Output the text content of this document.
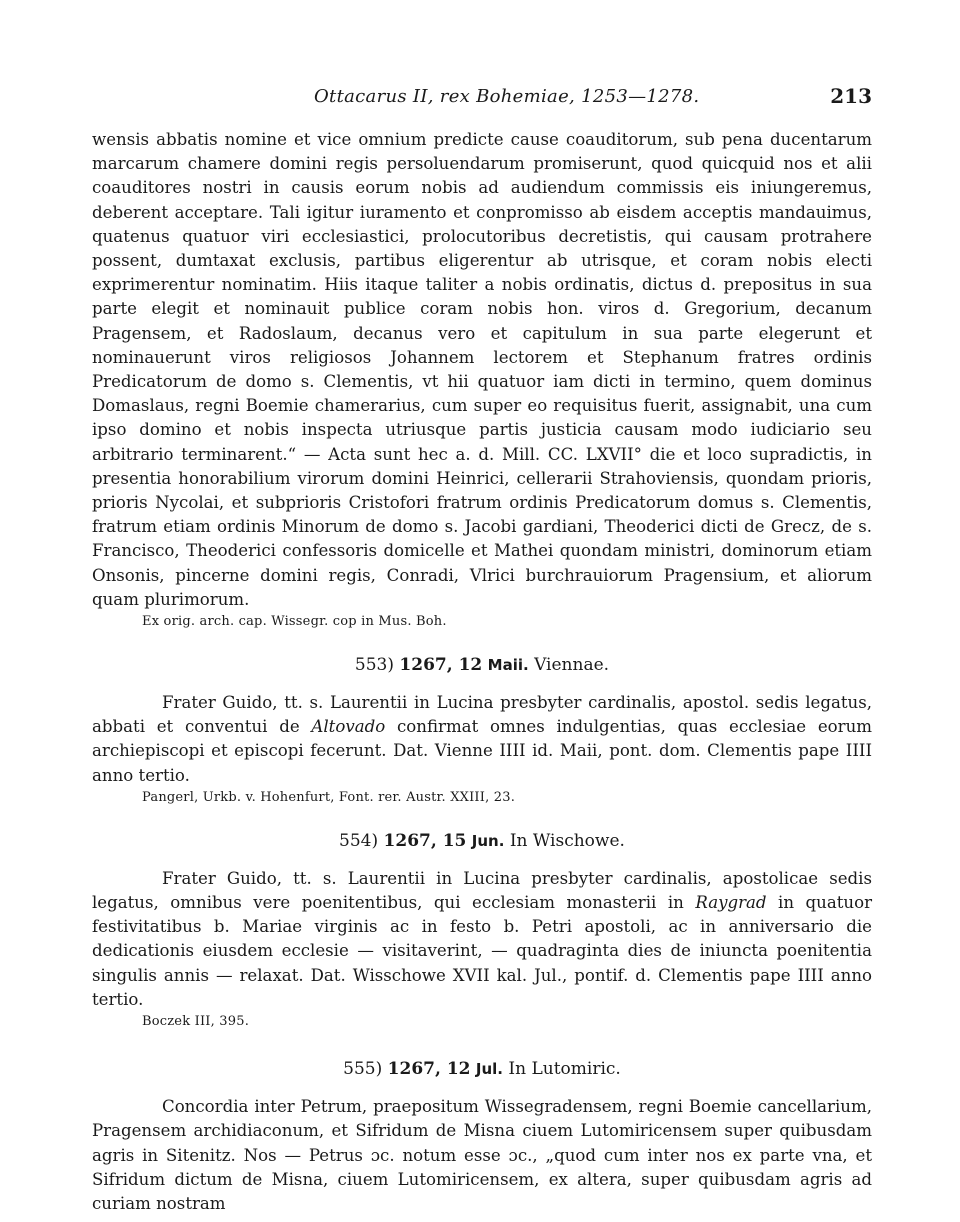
Ottacarus II, rex Bohemiae, 1253—1278.	213

wensis abbatis nomine et vice omnium predicte cause coauditorum, sub pena ducentarum marcarum chamere domini regis persoluendarum promiserunt, quod quicquid nos et alii coauditores nostri in causis eorum nobis ad audiendum commissis eis iniungeremus, deberent acceptare. Tali igitur iuramento et conpromisso ab eisdem acceptis mandauimus, quatenus quatuor viri ecclesiastici, prolocutoribus decretistis, qui causam protrahere possent, dumtaxat exclusis, partibus eligerentur ab utrisque, et coram nobis electi exprimerentur nominatim. Hiis itaque taliter a nobis ordinatis, dictus d. prepositus in sua parte elegit et nominauit publice coram nobis hon. viros d. Gregorium, decanum Pragensem, et Radoslaum, decanus vero et capitulum in sua parte elegerunt et nominauerunt viros religiosos Johannem lectorem et Stephanum fratres ordinis Predicatorum de domo s. Clementis, vt hii quatuor iam dicti in termino, quem dominus Domaslaus, regni Boemie chamerarius, cum super eo requisitus fuerit, assignabit, una cum ipso domino et nobis inspecta utriusque partis justicia causam modo iudiciario seu arbitrario terminarent.“ — Acta sunt hec a. d. Mill. CC. LXVII° die et loco supradictis, in presentia honorabilium virorum domini Heinrici, cellerarii Strahoviensis, quondam prioris, prioris Nycolai, et subprioris Cristofori fratrum ordinis Predicatorum domus s. Clementis, fratrum etiam ordinis Minorum de domo s. Jacobi gardiani, Theoderici dicti de Grecz, de s. Francisco, Theoderici confessoris domicelle et Mathei quondam ministri, dominorum etiam Onsonis, pincerne domini regis, Conradi, Vlrici burchrauiorum Pragensium, et aliorum quam plurimorum.

Ex orig. arch. cap. Wissegr. cop in Mus. Boh.
553) 1267, 12 Maii. Viennae.

Frater Guido, tt. s. Laurentii in Lucina presbyter cardinalis, apostol. sedis legatus, abbati et conventui de Altovado confirmat omnes indulgentias, quas ecclesiae eorum archiepiscopi et episcopi fecerunt. Dat. Vienne IIII id. Maii, pont. dom. Clementis pape IIII anno tertio.

Pangerl, Urkb. v. Hohenfurt, Font. rer. Austr. XXIII, 23.
554) 1267, 15 Jun. In Wischowe.

Frater Guido, tt. s. Laurentii in Lucina presbyter cardinalis, apostolicae sedis legatus, omnibus vere poenitentibus, qui ecclesiam monasterii in Raygrad in quatuor festivitatibus b. Mariae virginis ac in festo b. Petri apostoli, ac in anniversario die dedicationis eiusdem ecclesie — visitaverint, — quadraginta dies de iniuncta poenitentia singulis annis — relaxat. Dat. Wisschowe XVII kal. Jul., pontif. d. Clementis pape IIII anno tertio.

Boczek III, 395.
555) 1267, 12 Jul. In Lutomiric.

Concordia inter Petrum, praepositum Wissegradensem, regni Boemie cancellarium, Pragensem archidiaconum, et Sifridum de Misna ciuem Lutomiricensem super quibusdam agris in Sitenitz. Nos — Petrus ɔc. notum esse ɔc., „quod cum inter nos ex parte vna, et Sifridum dictum de Misna, ciuem Lutomiricensem, ex altera, super quibusdam agris ad curiam nostram
